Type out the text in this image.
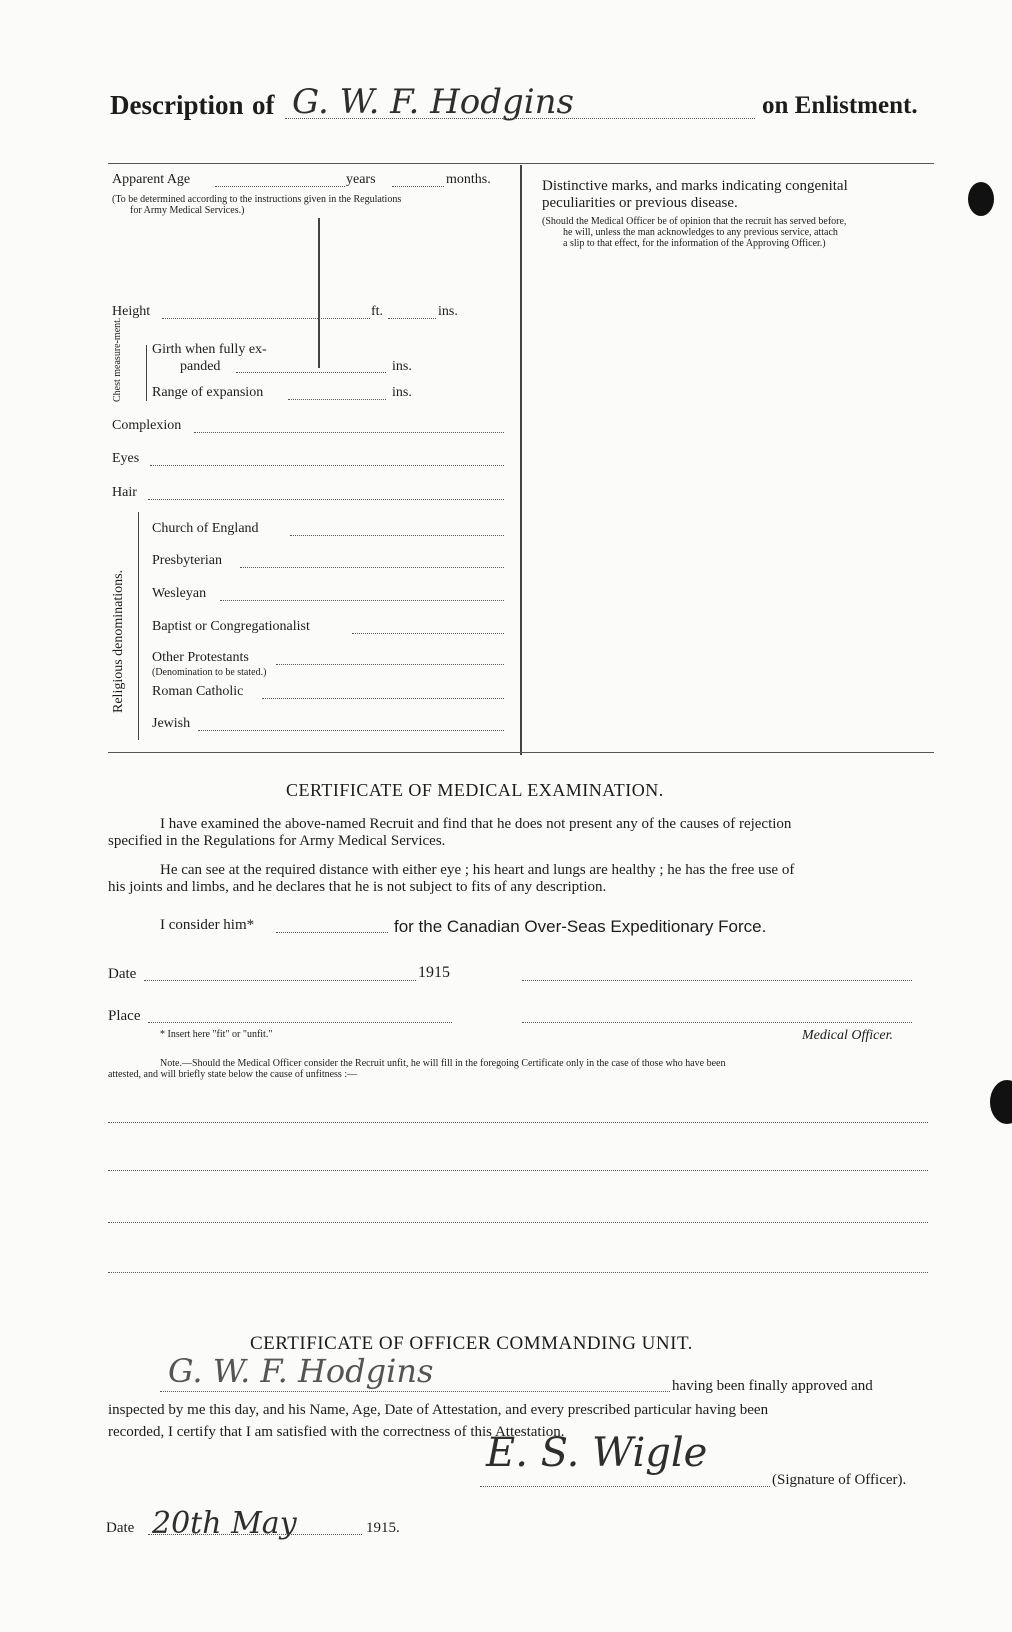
Description of G. W. F. Hodgins	on Enlistment.
Apparent Age	years	months.
(To be determined according to the instructions given in the Regulations
for Army Medical Services.)
Height	ft.	ins.
Chest measure-ment. Girth when fully ex-
panded	ins.
Range of expansion	ins.
Complexion
Eyes
Hair
Religious denominations.
Church of England
Presbyterian
Wesleyan
Baptist or Congregationalist
Other Protestants
(Denomination to be stated.)
Roman Catholic
Jewish
Distinctive marks, and marks indicating congenital
peculiarities or previous disease.
(Should the Medical Officer be of opinion that the recruit has served before,
he will, unless the man acknowledges to any previous service, attach
a slip to that effect, for the information of the Approving Officer.)
CERTIFICATE OF MEDICAL EXAMINATION.
I have examined the above-named Recruit and find that he does not present any of the causes of rejection
specified in the Regulations for Army Medical Services.
He can see at the required distance with either eye ; his heart and lungs are healthy ; he has the free use of
his joints and limbs, and he declares that he is not subject to fits of any description.
I consider him*	for the Canadian Over-Seas Expeditionary Force.
Date	1915
Place
* Insert here "fit" or "unfit."	Medical Officer.
Note.—Should the Medical Officer consider the Recruit unfit, he will fill in the foregoing Certificate only in the case of those who have been
attested, and will briefly state below the cause of unfitness :—
CERTIFICATE OF OFFICER COMMANDING UNIT.
G. W. F. Hodgins	having been finally approved and
inspected by me this day, and his Name, Age, Date of Attestation, and every prescribed particular having been
recorded, I certify that I am satisfied with the correctness of this Attestation.
E. S. Wigle
(Signature of Officer).
Date 20th May	1915.
